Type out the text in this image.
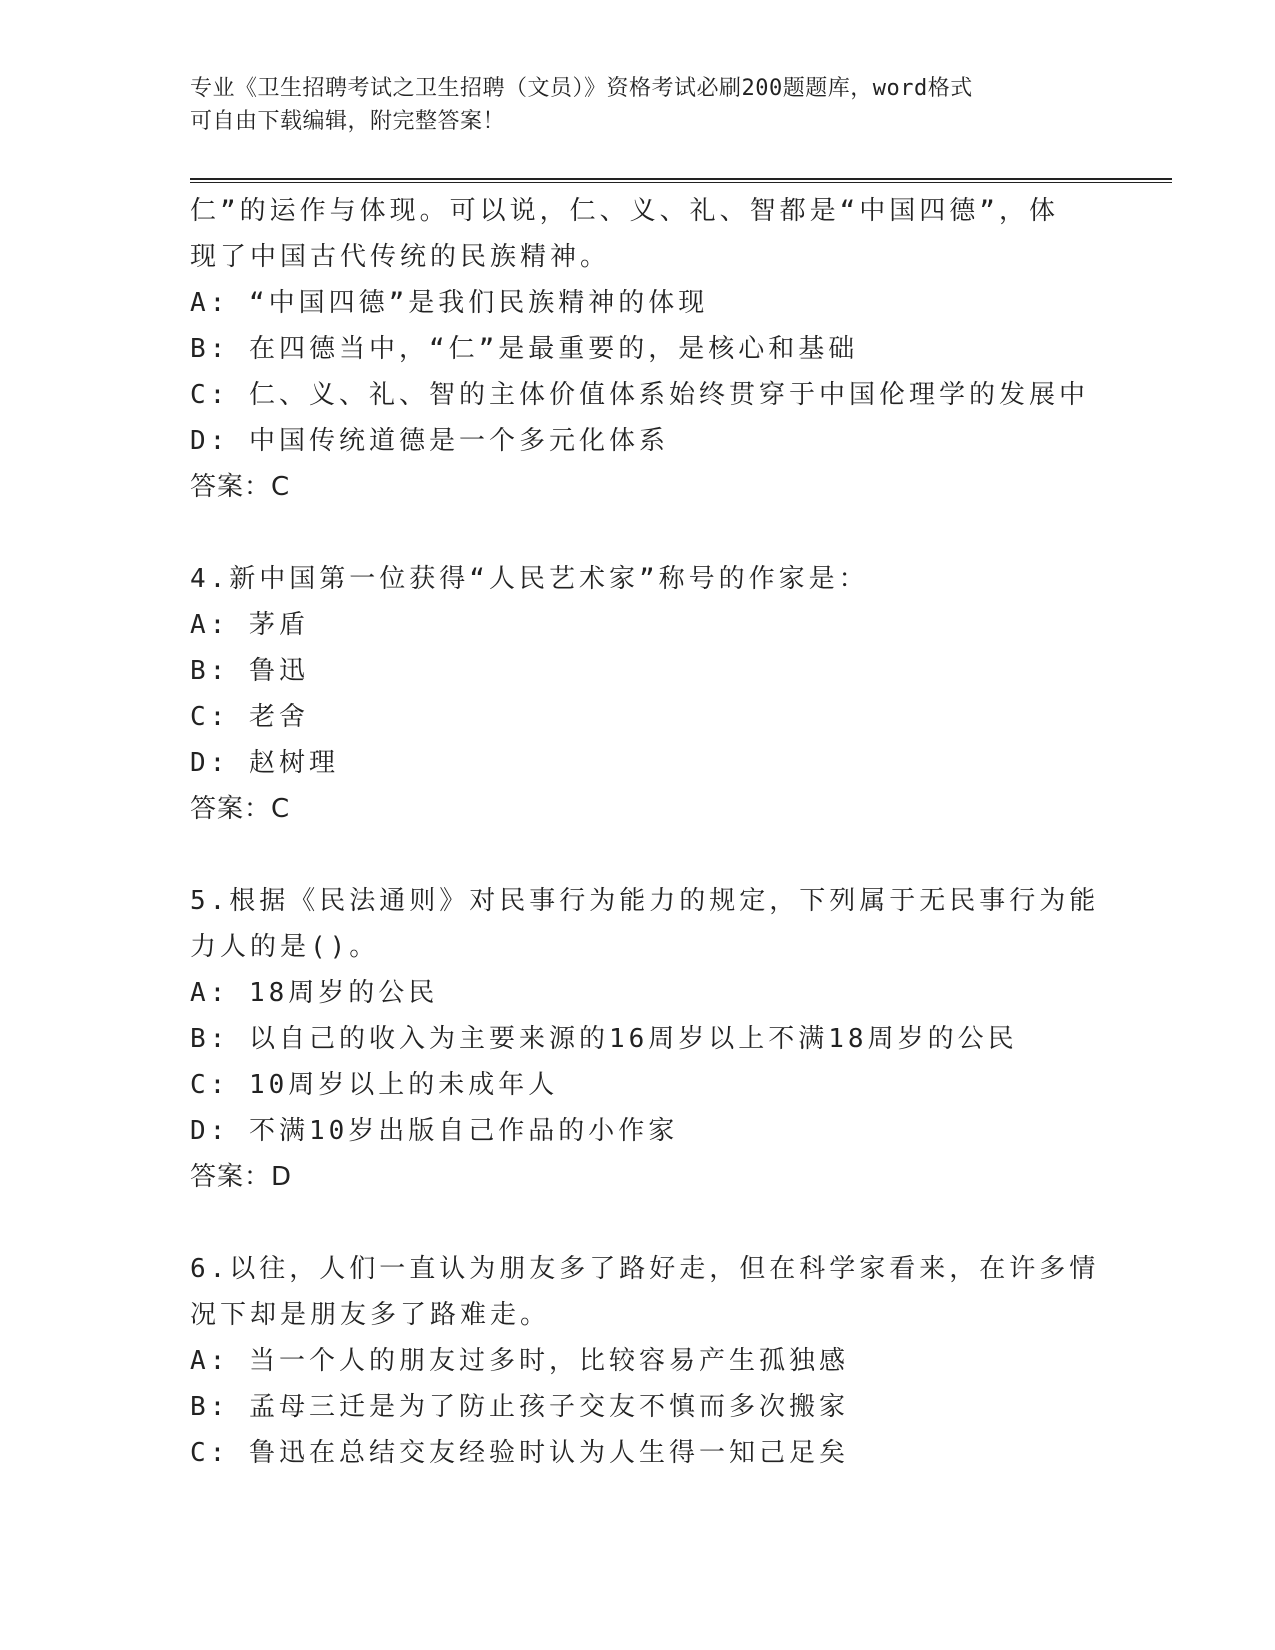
专业《卫生招聘考试之卫生招聘（文员）》资格考试必刷200题题库，word格式
可自由下载编辑，附完整答案！
仁”的运作与体现。可以说，仁、义、礼、智都是“中国四德”，体
现了中国古代传统的民族精神。
A: “中国四德”是我们民族精神的体现
B: 在四德当中，“仁”是最重要的，是核心和基础
C: 仁、义、礼、智的主体价值体系始终贯穿于中国伦理学的发展中
D: 中国传统道德是一个多元化体系
答案：C
4.新中国第一位获得“人民艺术家”称号的作家是：
A: 茅盾
B: 鲁迅
C: 老舍
D: 赵树理
答案：C
5.根据《民法通则》对民事行为能力的规定，下列属于无民事行为能
力人的是()。
A: 18周岁的公民
B: 以自己的收入为主要来源的16周岁以上不满18周岁的公民
C: 10周岁以上的未成年人
D: 不满10岁出版自己作品的小作家
答案：D
6.以往，人们一直认为朋友多了路好走，但在科学家看来，在许多情
况下却是朋友多了路难走。
A: 当一个人的朋友过多时，比较容易产生孤独感
B: 孟母三迁是为了防止孩子交友不慎而多次搬家
C: 鲁迅在总结交友经验时认为人生得一知己足矣
